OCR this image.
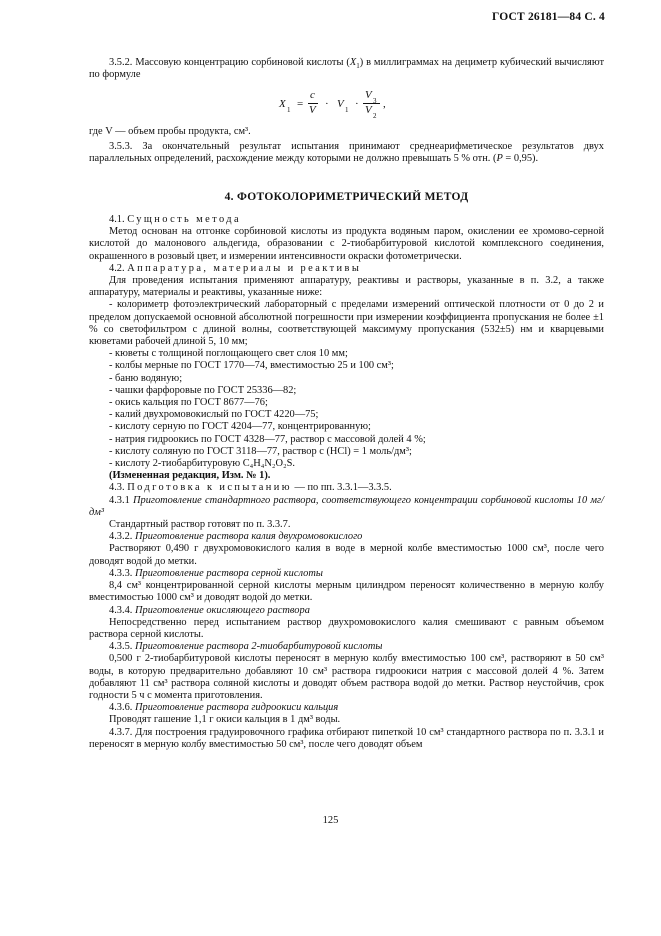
ГОСТ 26181—84 С. 4

3.5.2. Массовую концентрацию сорбиновой кислоты $(X_1)$ в миллиграммах на дециметр кубический вычисляют по формуле

X 1 =
c
V · V 1 ·
V 3
V 2
,

где V — объем пробы продукта, см³.

3.5.3. За окончательный результат испытания принимают среднеарифметическое результатов двух параллельных определений, расхождение между которыми не должно превышать 5 % отн. (P = 0,95).

4. ФОТОКОЛОРИМЕТРИЧЕСКИЙ МЕТОД

4.1. Сущность метода

Метод основан на отгонке сорбиновой кислоты из продукта водяным паром, окислении ее хромово-серной кислотой до малонового альдегида, образовании с 2-тиобарбитуровой кислотой комплексного соединения, окрашенного в розовый цвет, и измерении интенсивности окраски фотометрически.

4.2. Аппаратура, материалы и реактивы

Для проведения испытания применяют аппаратуру, реактивы и растворы, указанные в п. 3.2, а также аппаратуру, материалы и реактивы, указанные ниже:

- колориметр фотоэлектрический лабораторный с пределами измерений оптической плотности от 0 до 2 и пределом допускаемой основной абсолютной погрешности при измерении коэффициента пропускания не более ±1 % со светофильтром с длиной волны, соответствующей максимуму пропускания (532±5) нм и кварцевыми кюветами рабочей длиной 5, 10 мм;

- кюветы с толщиной поглощающего свет слоя 10 мм;

- колбы мерные по ГОСТ 1770—74, вместимостью 25 и 100 см³;

- баню водяную;

- чашки фарфоровые по ГОСТ 25336—82;

- окись кальция по ГОСТ 8677—76;

- калий двухромовокислый по ГОСТ 4220—75;

- кислоту серную по ГОСТ 4204—77, концентрированную;

- натрия гидроокись по ГОСТ 4328—77, раствор с массовой долей 4 %;

- кислоту соляную по ГОСТ 3118—77, раствор c (HCl) = 1 моль/дм³;

- кислоту 2-тиобарбитуровую C₄H₄N₂O₂S.

(Измененная редакция, Изм. № 1).

4.3. Подготовка к испытанию — по пп. 3.3.1—3.3.5.

4.3.1 Приготовление стандартного раствора, соответствующего концентрации сорбиновой кислоты 10 мг/дм³

Стандартный раствор готовят по п. 3.3.7.

4.3.2. Приготовление раствора калия двухромовокислого

Растворяют 0,490 г двухромовокислого калия в воде в мерной колбе вместимостью 1000 см³, после чего доводят водой до метки.

4.3.3. Приготовление раствора серной кислоты

8,4 см³ концентрированной серной кислоты мерным цилиндром переносят количественно в мерную колбу вместимостью 1000 см³ и доводят водой до метки.

4.3.4. Приготовление окисляющего раствора

Непосредственно перед испытанием раствор двухромовокислого калия смешивают с равным объемом раствора серной кислоты.

4.3.5. Приготовление раствора 2-тиобарбитуровой кислоты

0,500 г 2-тиобарбитуровой кислоты переносят в мерную колбу вместимостью 100 см³, растворяют в 50 см³ воды, в которую предварительно добавляют 10 см³ раствора гидроокиси натрия с массовой долей 4 %. Затем добавляют 11 см³ раствора соляной кислоты и доводят объем раствора водой до метки. Раствор неустойчив, срок годности 5 ч с момента приготовления.

4.3.6. Приготовление раствора гидроокиси кальция

Проводят гашение 1,1 г окиси кальция в 1 дм³ воды.

4.3.7. Для построения градуировочного графика отбирают пипеткой 10 см³ стандартного раствора по п. 3.3.1 и переносят в мерную колбу вместимостью 50 см³, после чего доводят объем

125
